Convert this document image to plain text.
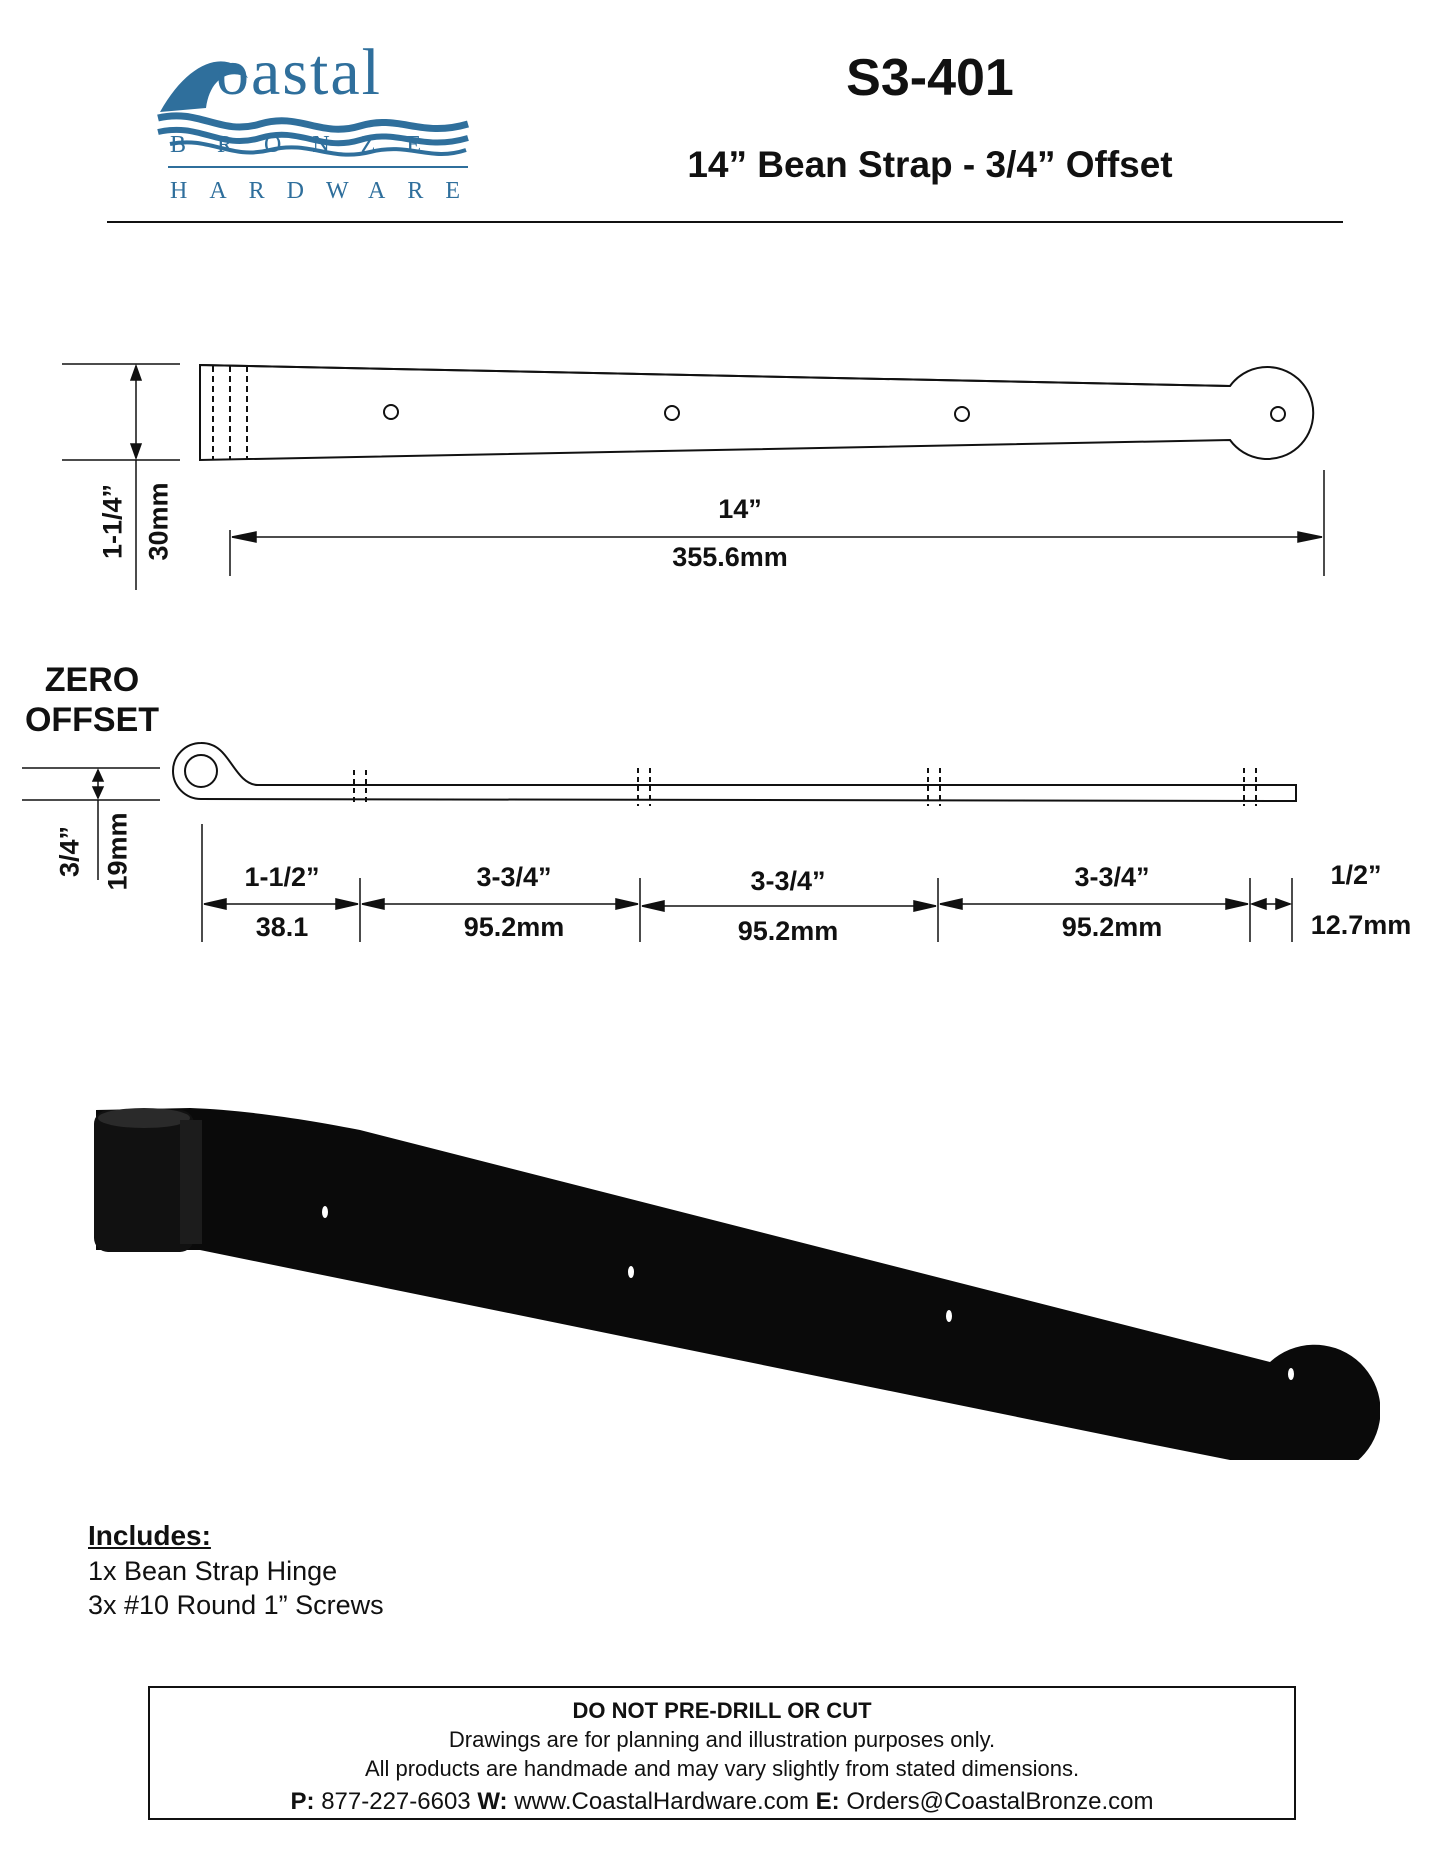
oastal
BRONZE
HARDWARE
S3-401
14” Bean Strap - 3/4” Offset
1-1/4” 30mm	14”
355.6mm
ZERO
OFFSET
3/4” 19mm	1-1/2”
38.1
3-3/4”
95.2mm
3-3/4”
95.2mm
3-3/4”
95.2mm
1/2”
12.7mm
Includes:
1x Bean Strap Hinge
3x #10 Round 1” Screws
DO NOT PRE-DRILL OR CUT
Drawings are for planning and illustration purposes only.
All products are handmade and may vary slightly from stated dimensions.
P: 877-227-6603 W: www.CoastalHardware.com E: Orders@CoastalBronze.com
